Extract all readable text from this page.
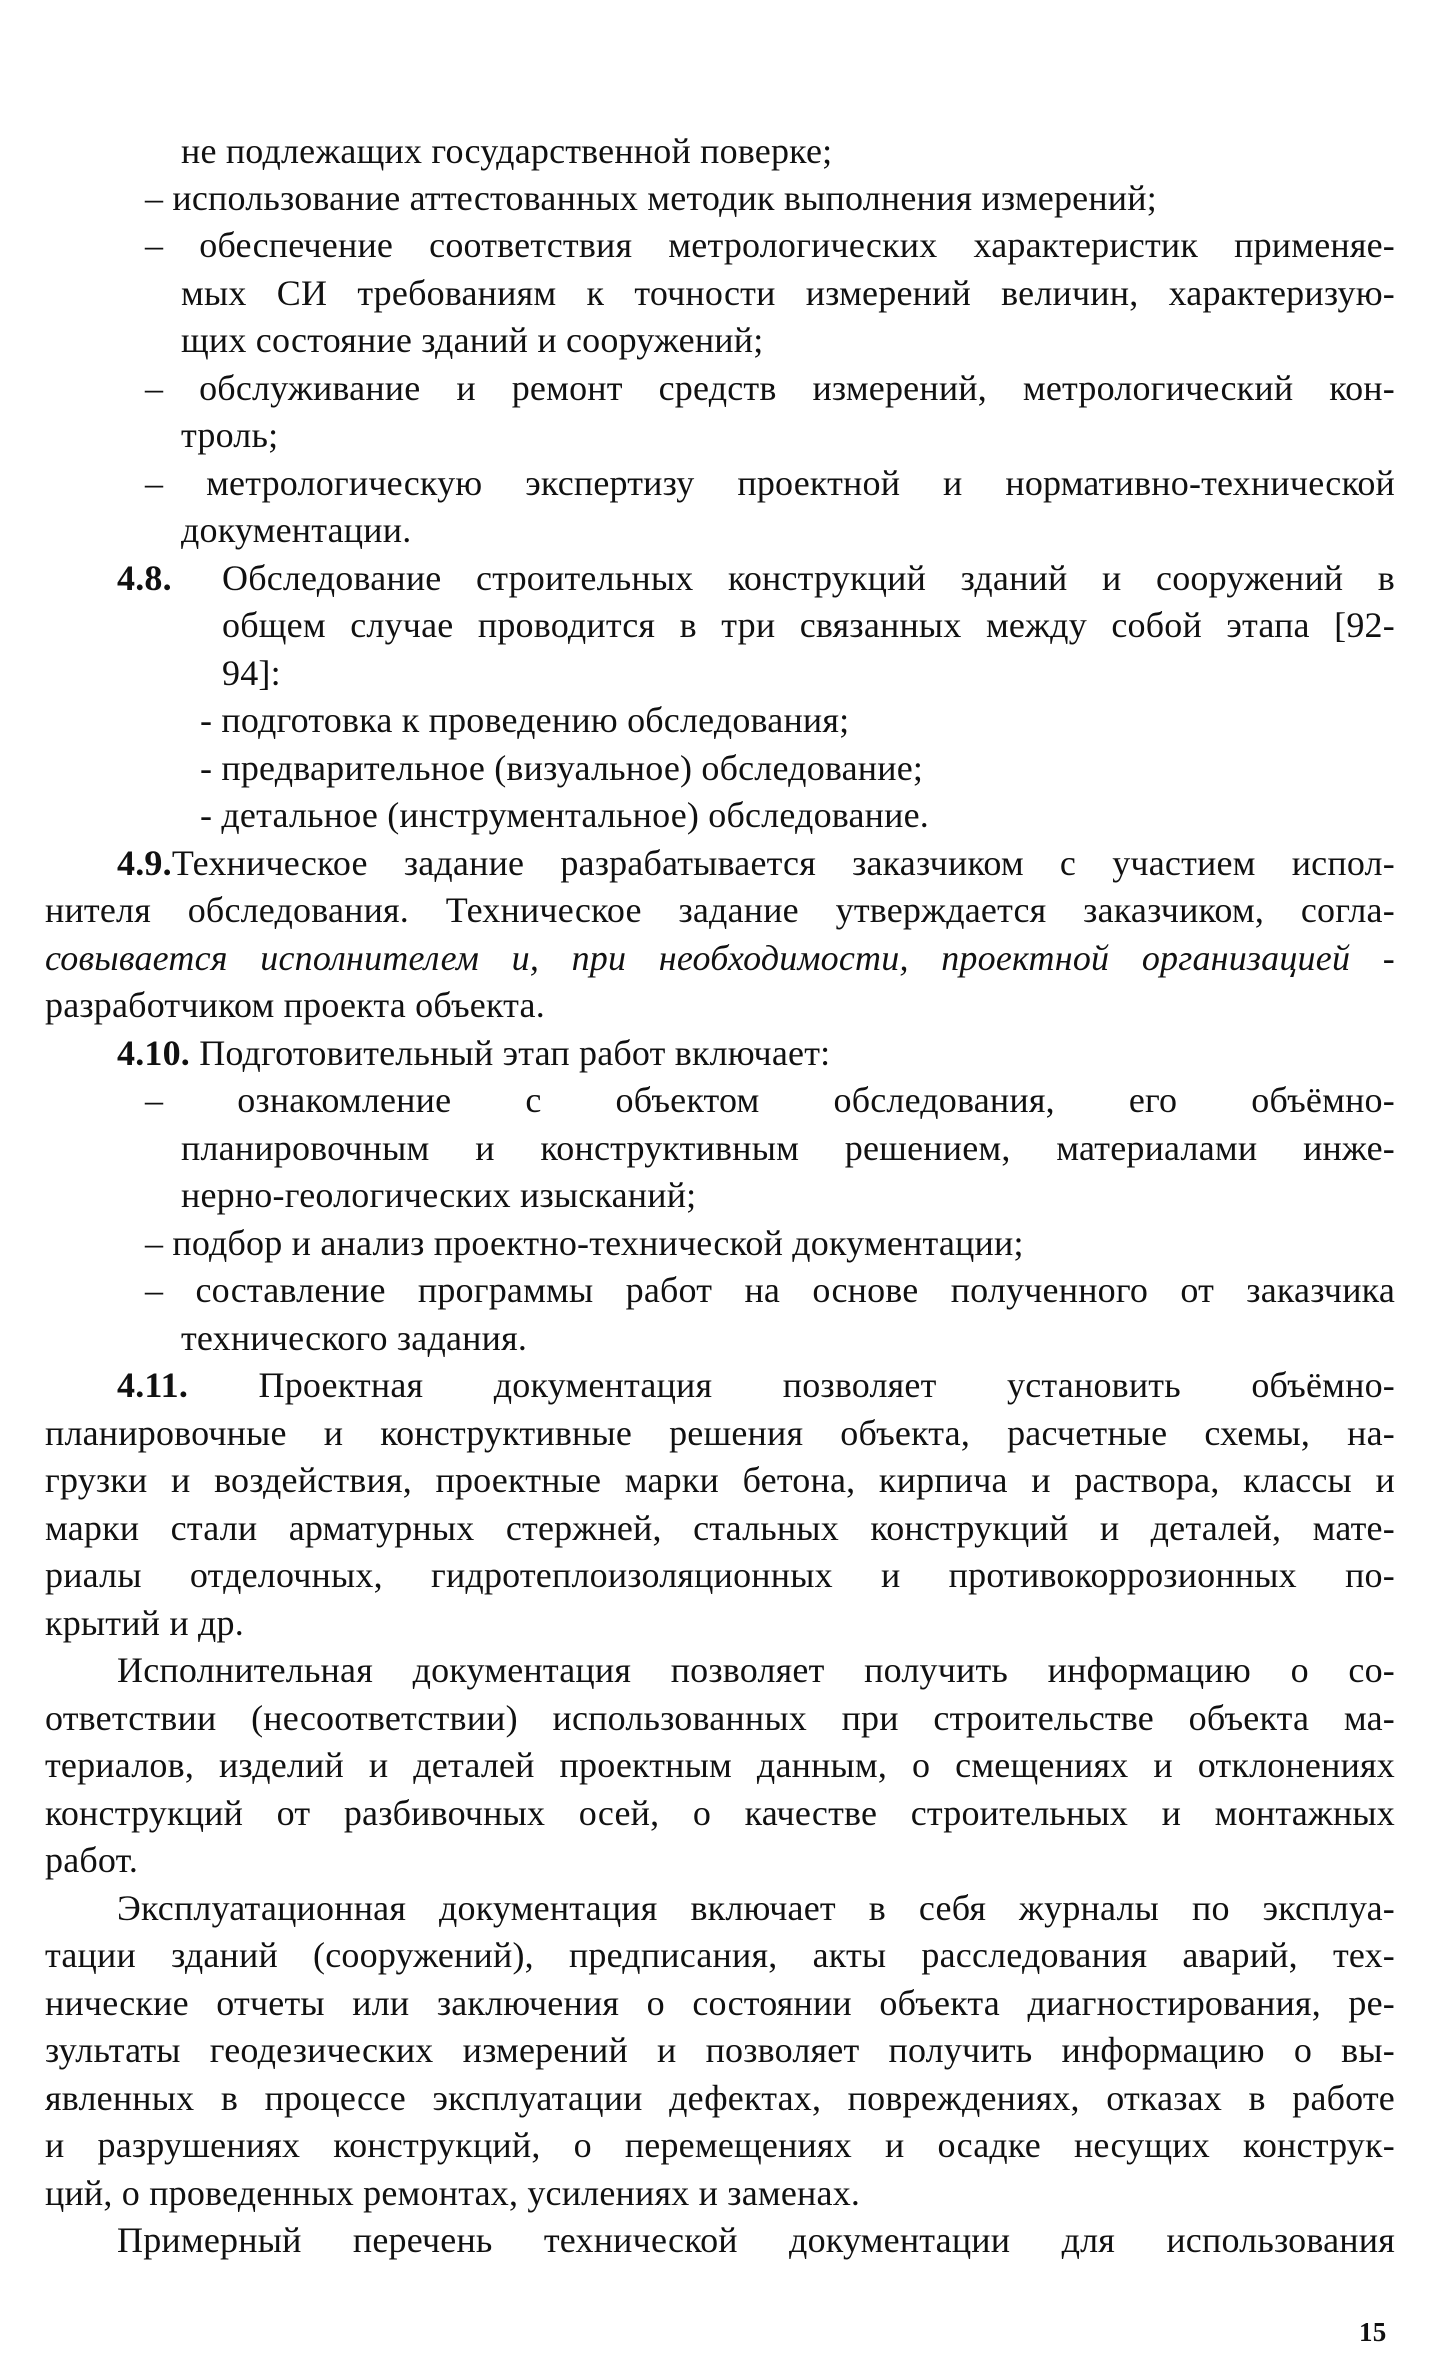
не подлежащих государственной поверке;
– использование аттестованных методик выполнения измерений;
– обеспечение соответствия метрологических характеристик применяе-
мых СИ требованиям к точности измерений величин, характеризую-
щих состояние зданий и сооружений;
– обслуживание и ремонт средств измерений, метрологический кон-
троль;
– метрологическую экспертизу проектной и нормативно-технической
документации.
4.8. Обследование строительных конструкций зданий и сооружений в
общем случае проводится в три связанных между собой этапа [92-
94]:
- подготовка к проведению обследования;
- предварительное (визуальное) обследование;
- детальное (инструментальное) обследование.
4.9.Техническое задание разрабатывается заказчиком с участием испол-
нителя обследования. Техническое задание утверждается заказчиком, согла-
совывается исполнителем и, при необходимости, проектной организацией -
разработчиком проекта объекта.
4.10. Подготовительный этап работ включает:
– ознакомление с объектом обследования, его объёмно-
планировочным и конструктивным решением, материалами инже-
нерно-геологических изысканий;
– подбор и анализ проектно-технической документации;
– составление программы работ на основе полученного от заказчика
технического задания.
4.11. Проектная документация позволяет установить объёмно-
планировочные и конструктивные решения объекта, расчетные схемы, на-
грузки и воздействия, проектные марки бетона, кирпича и раствора, классы и
марки стали арматурных стержней, стальных конструкций и деталей, мате-
риалы отделочных, гидротеплоизоляционных и противокоррозионных по-
крытий и др.
Исполнительная документация позволяет получить информацию о со-
ответствии (несоответствии) использованных при строительстве объекта ма-
териалов, изделий и деталей проектным данным, о смещениях и отклонениях
конструкций от разбивочных осей, о качестве строительных и монтажных
работ.
Эксплуатационная документация включает в себя журналы по эксплуа-
тации зданий (сооружений), предписания, акты расследования аварий, тех-
нические отчеты или заключения о состоянии объекта диагностирования, ре-
зультаты геодезических измерений и позволяет получить информацию о вы-
явленных в процессе эксплуатации дефектах, повреждениях, отказах в работе
и разрушениях конструкций, о перемещениях и осадке несущих конструк-
ций, о проведенных ремонтах, усилениях и заменах.
Примерный перечень технической документации для использования
15
